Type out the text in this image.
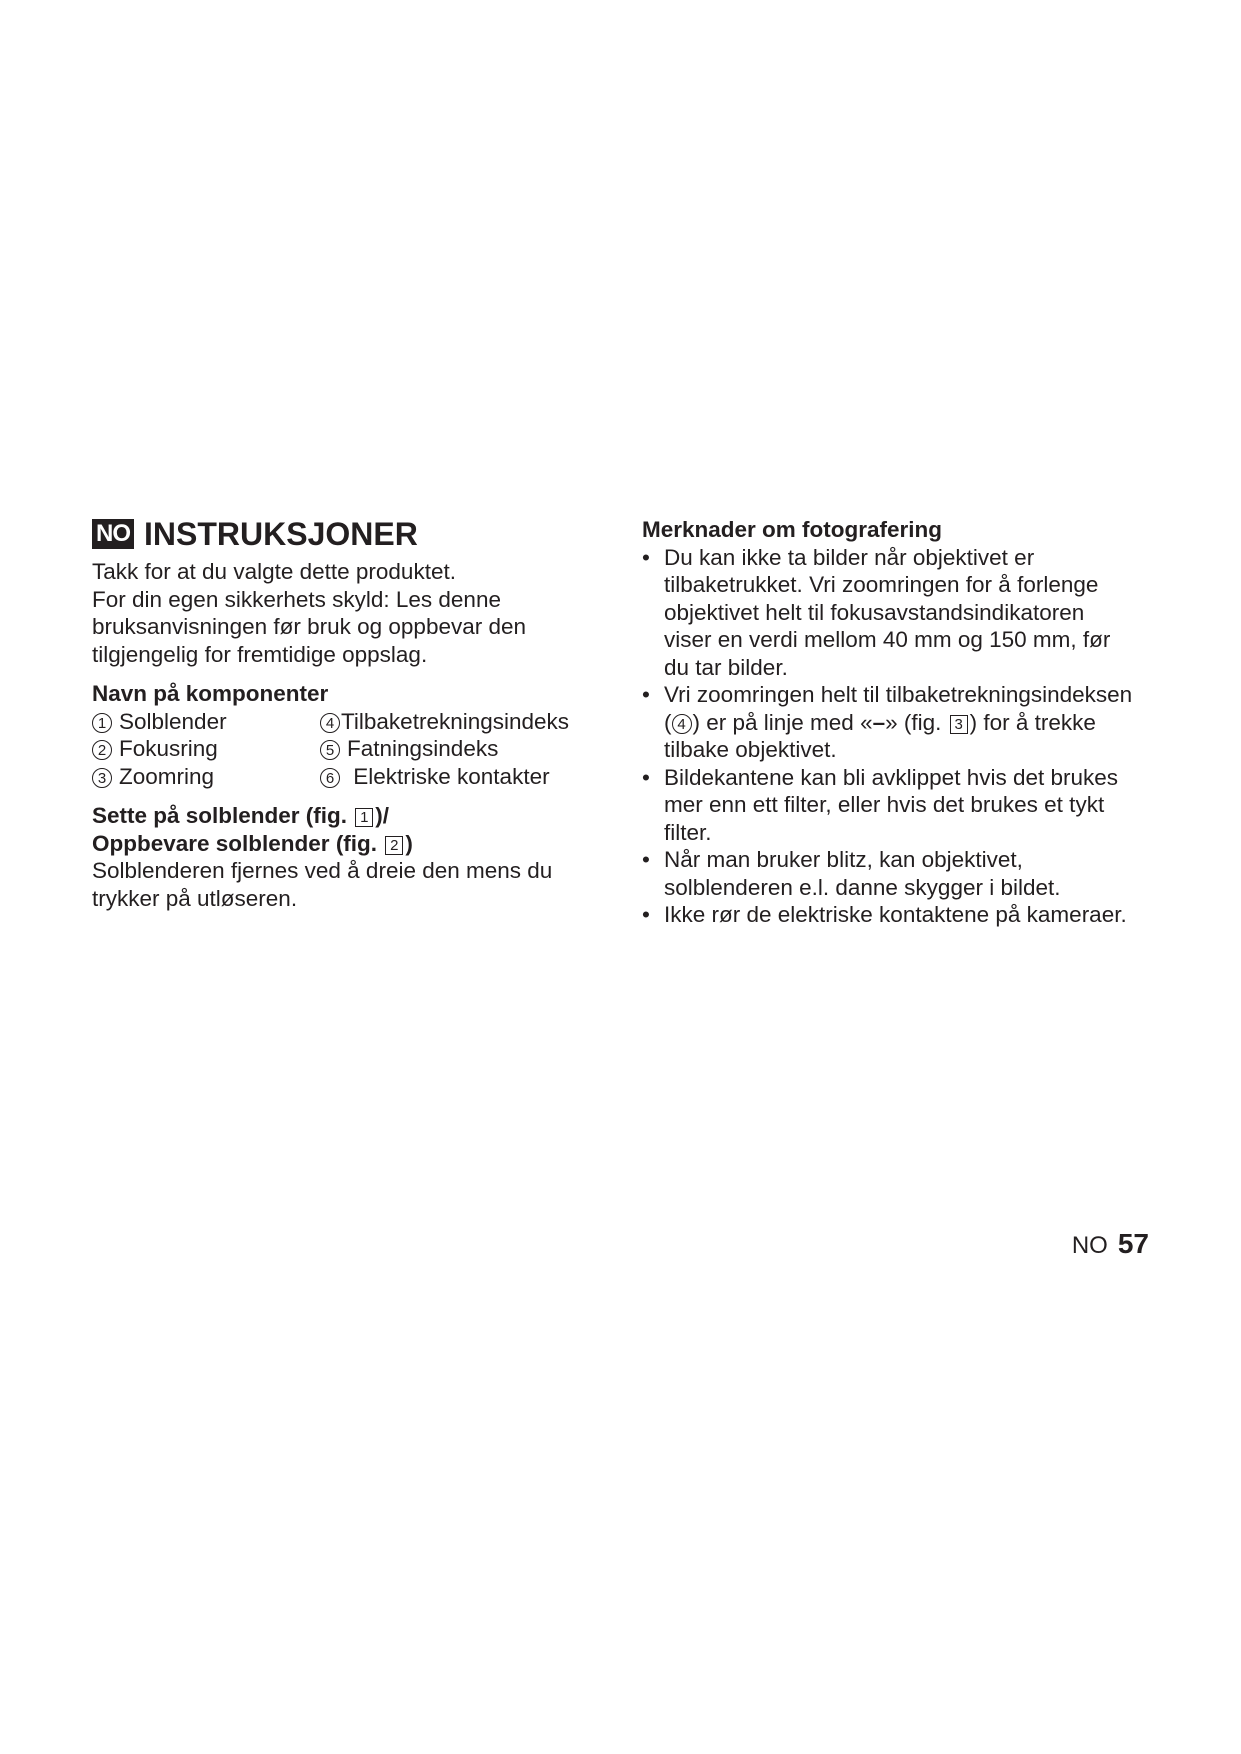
NO INSTRUKSJONER

Takk for at du valgte dette produktet.

For din egen sikkerhets skyld: Les denne

bruksanvisningen før bruk og oppbevar den

tilgjengelig for fremtidige oppslag.

Navn på komponenter
1 Solblender	4 Tilbaketrekningsindeks
2 Fokusring	5 Fatningsindeks
3 Zoomring	6 Elektriske kontakter
Sette på solblender (fig. 1 )/
Oppbevare solblender (fig. 2 )

Solblenderen fjernes ved å dreie den mens du

trykker på utløseren.

Merknader om fotografering
• Du kan ikke ta bilder når objektivet er
tilbaketrukket. Vri zoomringen for å forlenge
objektivet helt til fokusavstandsindikatoren
viser en verdi mellom 40 mm og 150 mm, før
du tar bilder.
• Vri zoomringen helt til tilbaketrekningsindeksen
( 4 ) er på linje med «–» (fig. 3 ) for å trekke
tilbake objektivet.
• Bildekantene kan bli avklippet hvis det brukes
mer enn ett filter, eller hvis det brukes et tykt
filter.
• Når man bruker blitz, kan objektivet,
solblenderen e.l. danne skygger i bildet.
• Ikke rør de elektriske kontaktene på kameraer.
NO 57
